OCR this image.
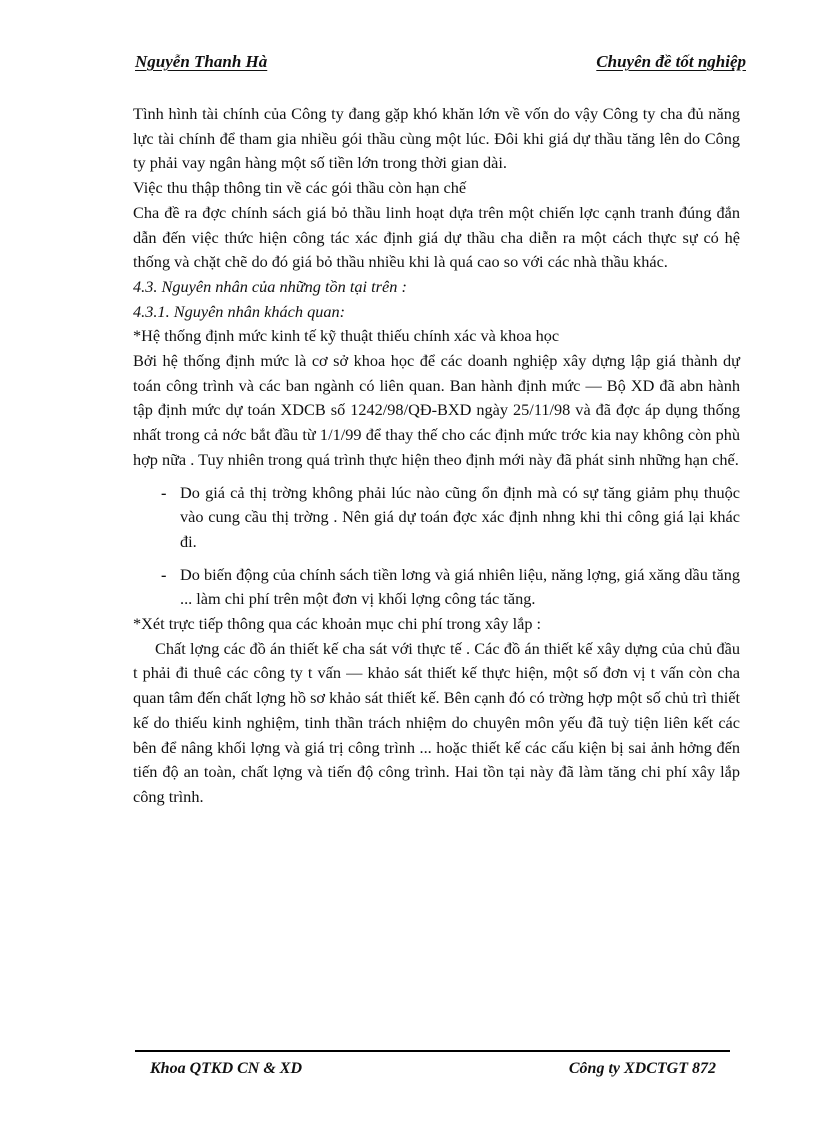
Nguyễn Thanh Hà	Chuyên đề tốt nghiệp

Tình hình tài chính của Công ty đang gặp khó khăn lớn về vốn do vậy Công ty cha đủ năng lực tài chính để tham gia nhiều gói thầu cùng một lúc. Đôi khi giá dự thầu tăng lên do Công ty phải vay ngân hàng một số tiền lớn trong thời gian dài.

Việc thu thập thông tin về các gói thầu còn hạn chế

Cha đề ra đợc chính sách giá bỏ thầu linh hoạt dựa trên một chiến lợc cạnh tranh đúng đắn dẫn đến việc thức hiện công tác xác định giá dự thầu cha diễn ra một cách thực sự có hệ thống và chặt chẽ do đó giá bỏ thầu nhiều khi là quá cao so với các nhà thầu khác.

4.3. Nguyên nhân của những tồn tại trên :

4.3.1. Nguyên nhân khách quan:

*Hệ thống định mức kinh tế kỹ thuật thiếu chính xác và khoa học

Bởi hệ thống định mức là cơ sở khoa học để các doanh nghiệp xây dựng lập giá thành dự toán công trình và các ban ngành có liên quan. Ban hành định mức — Bộ XD đã abn hành tập định mức dự toán XDCB số 1242/98/QĐ-BXD ngày 25/11/98 và đã đợc áp dụng thống nhất trong cả nớc bắt đầu từ 1/1/99 để thay thế cho các định mức trớc kia nay không còn phù hợp nữa . Tuy nhiên trong quá trình thực hiện theo định mới này đã phát sinh những hạn chế.

- Do giá cả thị trờng không phải lúc nào cũng ổn định mà có sự tăng giảm phụ thuộc vào cung cầu thị trờng . Nên giá dự toán đợc xác định nhng khi thi công giá lại khác đi.
- Do biến động của chính sách tiền lơng và giá nhiên liệu, năng lợng, giá xăng dầu tăng ... làm chi phí trên một đơn vị khối lợng công tác tăng.

*Xét trực tiếp thông qua các khoản mục chi phí trong xây lắp :

Chất lợng các đồ án thiết kế cha sát với thực tế . Các đồ án thiết kế xây dựng của chủ đầu t phải đi thuê các công ty t vấn — khảo sát thiết kế thực hiện, một số đơn vị t vấn còn cha quan tâm đến chất lợng hồ sơ khảo sát thiết kế. Bên cạnh đó có trờng hợp một số chủ trì thiết kế do thiếu kinh nghiệm, tinh thần trách nhiệm do chuyên môn yếu đã tuỳ tiện liên kết các bên để nâng khối lợng và giá trị công trình ... hoặc thiết kế các cấu kiện bị sai ảnh hởng đến tiến độ an toàn, chất lợng và tiến độ công trình. Hai tồn tại này đã làm tăng chi phí xây lắp công trình.

Khoa QTKD CN & XD	Công ty XDCTGT 872
